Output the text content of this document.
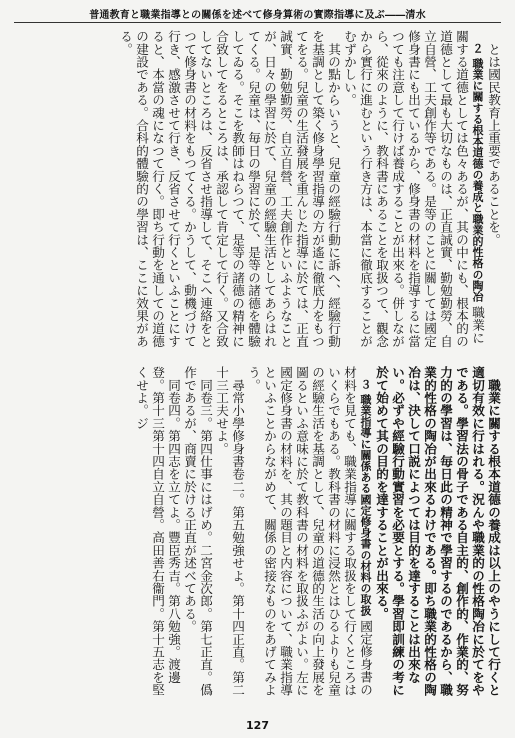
普通教育と職業指導との關係を述べて修身算術の實際指導に及ぶ――清水

　とは國民教育上重要であることを。

　２ 職業に關する根本道德の養成と職業的性格の陶冶 職業に關する道德としては色々あるが、其の中にも、根本的の道德として最も大切なものは、正直誠實、勤勉勤勞、自立自營、工夫創作等である。是等のことに關しては國定修身書にも出ているから、修身書の材料を指導するに當つても注意して行けば養成することが出來る。併しながら、從來のように、教科書にあることを取扱つて、觀念から實行に進むという行き方は、本當に徹底することがむずかしい。

　其の點からいうと、兒童の經驗行動に訴へ、經驗行動を基調として築く修身學習指導の方が遙に徹底力をもつてをる。兒童の生活發展を重んじた指導に於ては、正直誠實、勤勉勤勞、自立自營、工夫創作といふようなことが、日々の學習に於て、兒童の經驗生活としてあらはれてくる。兒童は、毎日の學習に於て、是等の諸德を體驗してゐる。そこを教師はねらつて、是等の諸德の精神に合致してをるところは、承認して肯定して行く。又合致してないところは、反省させ指導して、そこへ連絡をとつて修身書の材料をもつてくる。かうして、動機づけて行き、感激させて行き、反省させて行くといふことにすると、本當の魂になつて行く。即ち行動を通しての道德の建設である。合科的體驗的の學習は、ここに效果がある。

　職業に關する根本道德の養成は以上のやうにして行くと適切有效に行はれる。況んや職業的の性格陶冶に於てをやである。學習法の骨子である自主的、創作的、作業的、努力的の學習は、毎日此の精神で學習するのであるから、職業的性格の陶冶が出來るわけである。即ち職業的性格の陶冶は、決して口説によつては目的を達することは出來ない。必ずや經驗行動實習を必要とする。學習即訓練の考に於て始めて其の目的を達することが出來る。

　３ 職業指導に關係ある國定修身書の材料の取扱 國定修身書の材料を見ても、職業指導に關する取扱をして行くところはいくらでもある。教科書の材料に浸然とはひるよりも兒童の經驗生活を基調として、兒童の道德的生活の向上發展を圖るといふ意味に於て教科書の材料を取扱ふがよい。左に國定修身書の材料を、其の題目と内容について、職業指導といふことからながめて、關係の密接なものをあげてみよう。

　尋常小學修身書卷二。第五勉強せよ。第十四正直。第二十三工夫せよ。

　同卷三。第四仕事にはげめ。二宮金次郎。第七正直。僞作であるが、商賣に於ける正直が述べてある。

　同卷四。第四志を立てよ。豐臣秀吉。第八勉強。渡邊登。第十三第十四自立自營。高田善右衞門。第十五志を堅くせよ。ジ

127
